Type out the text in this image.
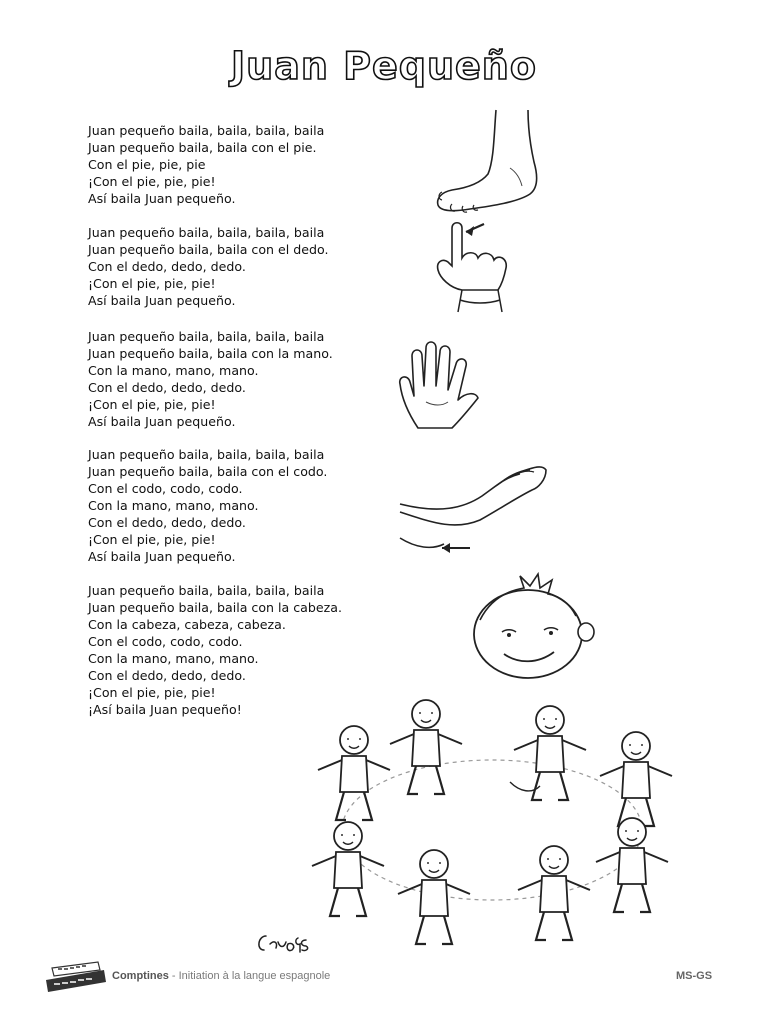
Juan Pequeño
Juan pequeño baila, baila, baila, baila
Juan pequeño baila, baila con el pie.
Con el pie, pie, pie
¡Con el pie, pie, pie!
Así baila Juan pequeño.
Juan pequeño baila, baila, baila, baila
Juan pequeño baila, baila con el dedo.
Con el dedo, dedo, dedo.
¡Con el pie, pie, pie!
Así baila Juan pequeño.
Juan pequeño baila, baila, baila, baila
Juan pequeño baila, baila con la mano.
Con la mano, mano, mano.
Con el dedo, dedo, dedo.
¡Con el pie, pie, pie!
Así baila Juan pequeño.
Juan pequeño baila, baila, baila, baila
Juan pequeño baila, baila con el codo.
Con el codo, codo, codo.
Con la mano, mano, mano.
Con el dedo, dedo, dedo.
¡Con el pie, pie, pie!
Así baila Juan pequeño.
Juan pequeño baila, baila, baila, baila
Juan pequeño baila, baila con la cabeza.
Con la cabeza, cabeza, cabeza.
Con el codo, codo, codo.
Con la mano, mano, mano.
Con el dedo, dedo, dedo.
¡Con el pie, pie, pie!
¡Así baila Juan pequeño!
Comptines - Initiation à la langue espagnole	MS-GS
